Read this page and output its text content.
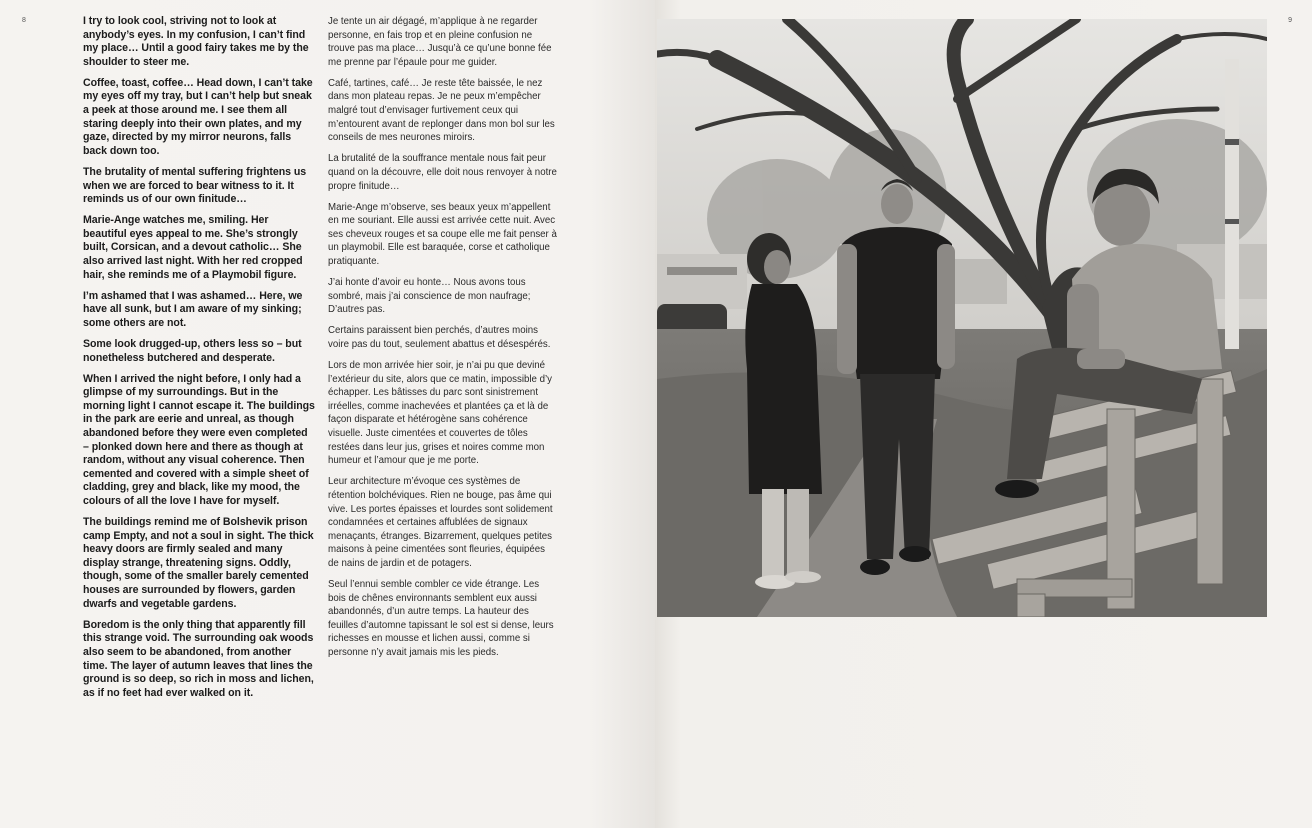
8	I try to look cool, striving not to look at anybody’s eyes. In my confusion, I can’t find my place… Until a good fairy takes me by the shoulder to steer me.

Coffee, toast, coffee… Head down, I can’t take my eyes off my tray, but I can’t help but sneak a peek at those around me. I see them all staring deeply into their own plates, and my gaze, directed by my mirror neurons, falls back down too.

The brutality of mental suffering frightens us when we are forced to bear witness to it. It reminds us of our own finitude…

Marie-Ange watches me, smiling. Her beautiful eyes appeal to me. She’s strongly built, Corsican, and a devout catholic… She also arrived last night. With her red cropped hair, she reminds me of a Playmobil figure.

I’m ashamed that I was ashamed… Here, we have all sunk, but I am aware of my sinking; some others are not.

Some look drugged-up, others less so – but nonetheless butchered and desperate.

When I arrived the night before, I only had a glimpse of my surroundings. But in the morning light I cannot escape it. The buildings in the park are eerie and unreal, as though abandoned before they were even completed – plonked down here and there as though at random, without any visual coherence. Then cemented and covered with a simple sheet of cladding, grey and black, like my mood, the colours of all the love I have for myself.

The buildings remind me of Bolshevik prison camp Empty, and not a soul in sight. The thick heavy doors are firmly sealed and many display strange, threatening signs. Oddly, though, some of the smaller barely cemented houses are surrounded by flowers, garden dwarfs and vegetable gardens.

Boredom is the only thing that apparently fill this strange void. The surrounding oak woods also seem to be abandoned, from another time. The layer of autumn leaves that lines the ground is so deep, so rich in moss and lichen, as if no feet had ever walked on it.

Je tente un air dégagé, m’applique à ne regarder personne, en fais trop et en pleine confusion ne trouve pas ma place… Jusqu’à ce qu’une bonne fée me prenne par l’épaule pour me guider.

Café, tartines, café… Je reste tête baissée, le nez dans mon plateau repas. Je ne peux m’empêcher malgré tout d’envisager furtivement ceux qui m’entourent avant de replonger dans mon bol sur les conseils de mes neurones miroirs.

La brutalité de la souffrance mentale nous fait peur quand on la découvre, elle doit nous renvoyer à notre propre finitude…

Marie-Ange m’observe, ses beaux yeux m’appellent en me souriant. Elle aussi est arrivée cette nuit. Avec ses cheveux rouges et sa coupe elle me fait penser à un playmobil. Elle est baraquée, corse et catholique pratiquante.

J’ai honte d’avoir eu honte… Nous avons tous sombré, mais j’ai conscience de mon naufrage; D’autres pas.

Certains paraissent bien perchés, d’autres moins voire pas du tout, seulement abattus et désespérés.

Lors de mon arrivée hier soir, je n’ai pu que deviné l’extérieur du site, alors que ce matin, impossible d’y échapper. Les bâtisses du parc sont sinistrement irréelles, comme inachevées et plantées ça et là de façon disparate et hétérogène sans cohérence visuelle. Juste cimentées et couvertes de tôles restées dans leur jus, grises et noires comme mon humeur et l’amour que je me porte.

Leur architecture m’évoque ces systèmes de rétention bolchéviques. Rien ne bouge, pas âme qui vive. Les portes épaisses et lourdes sont solidement condamnées et certaines affublées de signaux menaçants, étranges. Bizarrement, quelques petites maisons à peine cimentées sont fleuries, équipées de nains de jardin et de potagers.

Seul l’ennui semble combler ce vide étrange. Les bois de chênes environnants semblent eux aussi abandonnés, d’un autre temps. La hauteur des feuilles d’automne tapissant le sol est si dense, leurs richesses en mousse et lichen aussi, comme si personne n’y avait jamais mis les pieds.

9
